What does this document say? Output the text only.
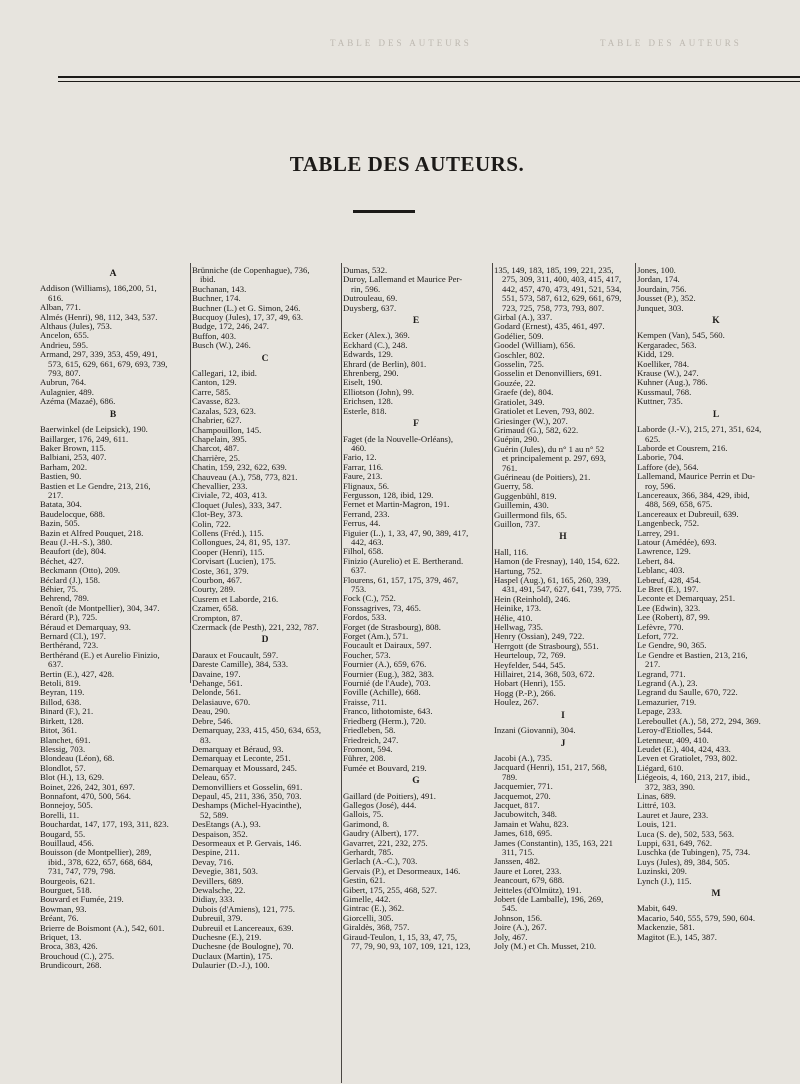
TABLE DES AUTEURS	TABLE DES AUTEURS
TABLE DES AUTEURS.
A
Addison (Williams), 186,200, 51,
616.
Alban, 771.
Almés (Henri), 98, 112, 343, 537.
Althaus (Jules), 753.
Ancelon, 655.
Andrieu, 595.
Armand, 297, 339, 353, 459, 491,
573, 615, 629, 661, 679, 693, 739,
793, 807.
Aubrun, 764.
Aulagnier, 489.
Azéma (Mazaé), 686.
B
Baerwinkel (de Leipsick), 190.
Baillarger, 176, 249, 611.
Baker Brown, 115.
Balbiani, 253, 407.
Barham, 202.
Bastien, 90.
Bastien et Le Gendre, 213, 216,
217.
Batata, 304.
Baudelocque, 688.
Bazin, 505.
Bazin et Alfred Pouquet, 218.
Beau (J.-H.-S.), 380.
Beaufort (de), 804.
Béchet, 427.
Beckmann (Otto), 209.
Béclard (J.), 158.
Béhier, 75.
Behrend, 789.
Benoît (de Montpellier), 304, 347.
Bérard (P.), 725.
Béraud et Demarquay, 93.
Bernard (Cl.), 197.
Berthérand, 723.
Berthérand (E.) et Aurelio Finizio,
637.
Bertin (E.), 427, 428.
Betoli, 819.
Beyran, 119.
Billod, 638.
Binard (F.), 21.
Birkett, 128.
Bitot, 361.
Blanchet, 691.
Blessig, 703.
Blondeau (Léon), 68.
Blondlot, 57.
Blot (H.), 13, 629.
Boinet, 226, 242, 301, 697.
Bonnafont, 470, 500, 564.
Bonnejoy, 505.
Borelli, 11.
Bouchardat, 147, 177, 193, 311, 823.
Bougard, 55.
Bouillaud, 456.
Bouisson (de Montpellier), 289,
ibid., 378, 622, 657, 668, 684,
731, 747, 779, 798.
Bourgeois, 621.
Bourguet, 518.
Bouvard et Fumée, 219.
Bowman, 93.
Bréant, 76.
Brierre de Boismont (A.), 542, 601.
Briquet, 13.
Broca, 383, 426.
Brouchoud (C.), 275.
Brundicourt, 268.
Brünniche (de Copenhague), 736,
ibid.
Buchanan, 143.
Buchner, 174.
Buchner (L.) et G. Simon, 246.
Bucquoy (Jules), 17, 37, 49, 63.
Budge, 172, 246, 247.
Buffon, 403.
Busch (W.), 246.
C
Callegari, 12, ibid.
Canton, 129.
Carre, 585.
Cavasse, 823.
Cazalas, 523, 623.
Chabrier, 627.
Champouillon, 145.
Chapelain, 395.
Charcot, 487.
Charrière, 25.
Chatin, 159, 232, 622, 639.
Chauveau (A.), 758, 773, 821.
Chevallier, 233.
Civiale, 72, 403, 413.
Cloquet (Jules), 333, 347.
Clot-Bey, 373.
Colin, 722.
Collens (Fréd.), 115.
Collongues, 24, 81, 95, 137.
Cooper (Henri), 115.
Corvisart (Lucien), 175.
Coste, 361, 379.
Courbon, 467.
Courty, 289.
Cusrem et Laborde, 216.
Czamer, 658.
Crompton, 87.
Czermack (de Pesth), 221, 232, 787.
D
Daraux et Foucault, 597.
Dareste Camille), 384, 533.
Davaine, 197.
Dehange, 561.
Delonde, 561.
Delasiauve, 670.
Deau, 290.
Debre, 546.
Demarquay, 233, 415, 450, 634, 653,
83.
Demarquay et Béraud, 93.
Demarquay et Leconte, 251.
Demarquay et Moussard, 245.
Deleau, 657.
Demonvilliers et Gosselin, 691.
Depaul, 45, 211, 336, 350, 703.
Deshamps (Michel-Hyacinthe),
52, 589.
DesEtangs (A.), 93.
Despaison, 352.
Desormeaux et P. Gervais, 146.
Despine, 211.
Devay, 716.
Devegie, 381, 503.
Devillers, 689.
Dewalsche, 22.
Didiay, 333.
Dubois (d'Amiens), 121, 775.
Dubreuil, 379.
Dubreuil et Lancereaux, 639.
Duchesne (E.), 219.
Duchesne (de Boulogne), 70.
Duclaux (Martin), 175.
Dulaurier (D.-J.), 100.
Dumas, 532.
Duroy, Lallemand et Maurice Per-
rin, 596.
Dutrouleau, 69.
Duysberg, 637.
E
Ecker (Alex.), 369.
Eckhard (C.), 248.
Edwards, 129.
Ehrard (de Berlin), 801.
Ehrenberg, 290.
Eiselt, 190.
Elliotson (John), 99.
Erichsen, 128.
Esterle, 818.
F
Faget (de la Nouvelle-Orléans),
460.
Fario, 12.
Farrar, 116.
Faure, 213.
Flignaux, 56.
Fergusson, 128, ibid, 129.
Fernet et Martin-Magron, 191.
Ferrand, 233.
Ferrus, 44.
Figuier (L.), 1, 33, 47, 90, 389, 417,
442, 463.
Filhol, 658.
Finizio (Aurelio) et E. Bertherand.
637.
Flourens, 61, 157, 175, 379, 467,
753.
Fock (C.), 752.
Fonssagrives, 73, 465.
Fordos, 533.
Forget (de Strasbourg), 808.
Forget (Am.), 571.
Foucault et Dairaux, 597.
Foucher, 573.
Fournier (A.), 659, 676.
Fournier (Eug.), 382, 383.
Fournié (de l'Aude), 703.
Foville (Achille), 668.
Fraisse, 711.
Franco, lithotomiste, 643.
Friedberg (Herm.), 720.
Friedleben, 58.
Friedreich, 247.
Fromont, 594.
Führer, 208.
Fumée et Bouvard, 219.
G
Gaillard (de Poitiers), 491.
Gallegos (José), 444.
Gallois, 75.
Garimond, 8.
Gaudry (Albert), 177.
Gavarret, 221, 232, 275.
Gerhardt, 785.
Gerlach (A.-C.), 703.
Gervais (P.), et Desormeaux, 146.
Gestin, 621.
Gibert, 175, 255, 468, 527.
Gimelle, 442.
Gintrac (E.), 362.
Giorcelli, 305.
Giraldès, 368, 757.
Giraud-Teulon, 1, 15, 33, 47, 75,
77, 79, 90, 93, 107, 109, 121, 123,
135, 149, 183, 185, 199, 221, 235,
275, 309, 311, 400, 403, 415, 417,
442, 457, 470, 473, 491, 521, 534,
551, 573, 587, 612, 629, 661, 679,
723, 725, 758, 773, 793, 807.
Girbal (A.), 337.
Godard (Ernest), 435, 461, 497.
Godélier, 509.
Goodel (William), 656.
Goschler, 802.
Gosselin, 725.
Gosselin et Denonvilliers, 691.
Gouzée, 22.
Graefe (de), 804.
Gratiolet, 349.
Gratiolet et Leven, 793, 802.
Griesinger (W.), 207.
Grimaud (G.), 582, 622.
Guépin, 290.
Guérin (Jules), du n° 1 au n° 52
et principalement p. 297, 693,
761.
Guérineau (de Poitiers), 21.
Guerry, 58.
Guggenbühl, 819.
Guillemin, 430.
Guillermond fils, 65.
Guillon, 737.
H
Hall, 116.
Hamon (de Fresnay), 140, 154, 622.
Hartung, 752.
Haspel (Aug.), 61, 165, 260, 339,
431, 491, 547, 627, 641, 739, 775.
Hein (Reinhold), 246.
Heinike, 173.
Hélie, 410.
Hellwag, 735.
Henry (Ossian), 249, 722.
Herrgott (de Strasbourg), 551.
Heurteloup, 72, 769.
Heyfelder, 544, 545.
Hillairet, 214, 368, 503, 672.
Hobart (Henri), 155.
Hogg (P.-P.), 266.
Houlez, 267.
I
Inzani (Giovanni), 304.
J
Jacobi (A.), 735.
Jacquard (Henri), 151, 217, 568,
789.
Jacquemier, 771.
Jacquemot, 270.
Jacquet, 817.
Jacubowitch, 348.
Jamain et Wahu, 823.
James, 618, 695.
James (Constantin), 135, 163, 221
311, 715.
Janssen, 482.
Jaure et Loret, 233.
Jeancourt, 679, 688.
Jeitteles (d'Olmütz), 191.
Jobert (de Lamballe), 196, 269,
545.
Johnson, 156.
Joire (A.), 267.
Joly, 467.
Joly (M.) et Ch. Musset, 210.
Jones, 100.
Jordan, 174.
Jourdain, 756.
Jousset (P.), 352.
Junquet, 303.
K
Kempen (Van), 545, 560.
Kergaradec, 563.
Kidd, 129.
Koelliker, 784.
Krause (W.), 247.
Kuhner (Aug.), 786.
Kussmaul, 768.
Kuttner, 735.
L
Laborde (J.-V.), 215, 271, 351, 624,
625.
Laborde et Cousrem, 216.
Laborie, 704.
Laffore (de), 564.
Lallemand, Maurice Perrin et Du-
roy, 596.
Lancereaux, 366, 384, 429, ibid,
488, 569, 658, 675.
Lancereaux et Dubreuil, 639.
Langenbeck, 752.
Larrey, 291.
Latour (Amédée), 693.
Lawrence, 129.
Lebert, 84.
Leblanc, 403.
Lebœuf, 428, 454.
Le Bret (E.), 197.
Leconte et Demarquay, 251.
Lee (Edwin), 323.
Lee (Robert), 87, 99.
Lefèvre, 770.
Lefort, 772.
Le Gendre, 90, 365.
Le Gendre et Bastien, 213, 216,
217.
Legrand, 771.
Legrand (A.), 23.
Legrand du Saulle, 670, 722.
Lemazurier, 719.
Lepage, 233.
Lereboullet (A.), 58, 272, 294, 369.
Leroy-d'Etiolles, 544.
Letenneur, 409, 410.
Leudet (E.), 404, 424, 433.
Leven et Gratiolet, 793, 802.
Liégard, 610.
Liégeois, 4, 160, 213, 217, ibid.,
372, 383, 390.
Linas, 689.
Littré, 103.
Lauret et Jaure, 233.
Louis, 121.
Luca (S. de), 502, 533, 563.
Luppi, 631, 649, 762.
Luschka (de Tubingen), 75, 734.
Luys (Jules), 89, 384, 505.
Luzinski, 209.
Lynch (J.), 115.
M
Mabit, 649.
Macario, 540, 555, 579, 590, 604.
Mackenzie, 581.
Magitot (E.), 145, 387.
